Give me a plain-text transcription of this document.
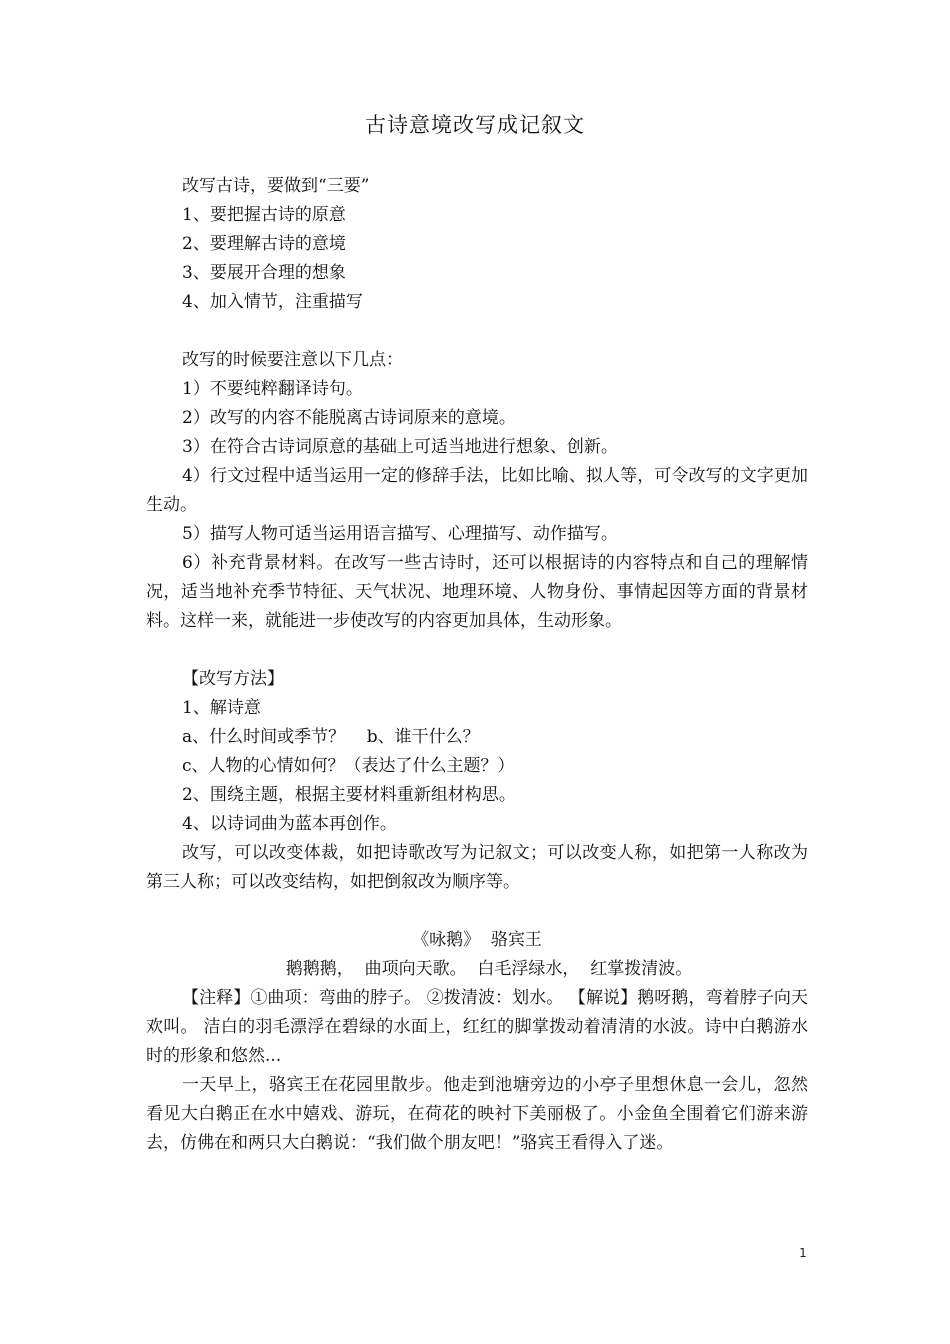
古诗意境改写成记叙文

改写古诗，要做到“三要”

1、要把握古诗的原意

2、要理解古诗的意境

3、要展开合理的想象

4、加入情节，注重描写

改写的时候要注意以下几点：

1）不要纯粹翻译诗句。

2）改写的内容不能脱离古诗词原来的意境。

3）在符合古诗词原意的基础上可适当地进行想象、创新。

4）行文过程中适当运用一定的修辞手法，比如比喻、拟人等，可令改写的文字更加生动。

5）描写人物可适当运用语言描写、心理描写、动作描写。

6）补充背景材料。在改写一些古诗时，还可以根据诗的内容特点和自己的理解情况，适当地补充季节特征、天气状况、地理环境、人物身份、事情起因等方面的背景材料。这样一来，就能进一步使改写的内容更加具体，生动形象。

【改写方法】

1、解诗意

a、什么时间或季节？    b、谁干什么？

c、人物的心情如何？（表达了什么主题？）

2、围绕主题，根据主要材料重新组材构思。

4、以诗词曲为蓝本再创作。

改写，可以改变体裁，如把诗歌改写为记叙文；可以改变人称，如把第一人称改为第三人称；可以改变结构，如把倒叙改为顺序等。

《咏鹅》  骆宾王

鹅鹅鹅，  曲项向天歌。  白毛浮绿水，  红掌拨清波。

【注释】①曲项：弯曲的脖子。 ②拨清波：划水。 【解说】鹅呀鹅，弯着脖子向天欢叫。 洁白的羽毛漂浮在碧绿的水面上，红红的脚掌拨动着清清的水波。诗中白鹅游水时的形象和悠然...

一天早上，骆宾王在花园里散步。他走到池塘旁边的小亭子里想休息一会儿，忽然看见大白鹅正在水中嬉戏、游玩，在荷花的映衬下美丽极了。小金鱼全围着它们游来游去，仿佛在和两只大白鹅说：“我们做个朋友吧！”骆宾王看得入了迷。

1
